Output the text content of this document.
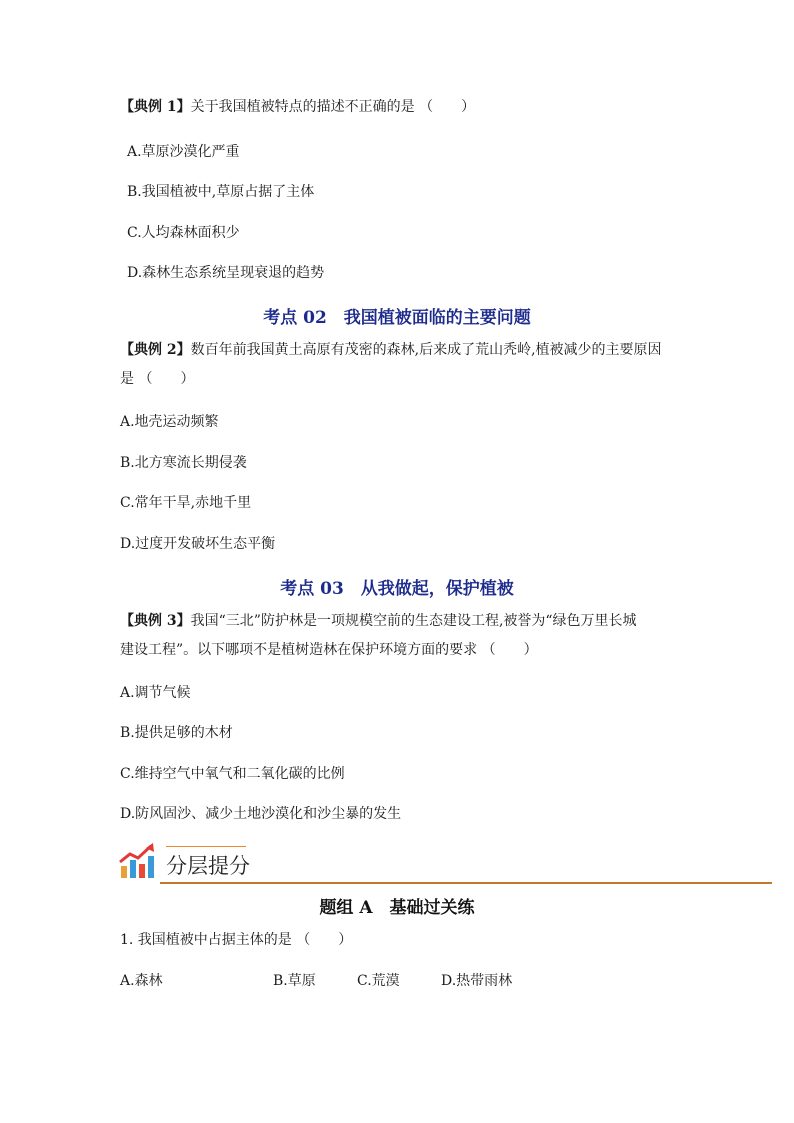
【典例 1】关于我国植被特点的描述不正确的是 （　　）
A.草原沙漠化严重
B.我国植被中,草原占据了主体
C.人均森林面积少
D.森林生态系统呈现衰退的趋势
考点 02　我国植被面临的主要问题
【典例 2】数百年前我国黄土高原有茂密的森林,后来成了荒山秃岭,植被减少的主要原因
是 （　　）
A.地壳运动频繁
B.北方寒流长期侵袭
C.常年干旱,赤地千里
D.过度开发破坏生态平衡
考点 03　从我做起，保护植被
【典例 3】我国“三北”防护林是一项规模空前的生态建设工程,被誉为“绿色万里长城
建设工程”。以下哪项不是植树造林在保护环境方面的要求 （　　）
A.调节气候
B.提供足够的木材
C.维持空气中氧气和二氧化碳的比例
D.防风固沙、减少土地沙漠化和沙尘暴的发生
分层提分
题组 A　基础过关练
1. 我国植被中占据主体的是 （　　）
A.森林	B.草原	C.荒漠	D.热带雨林
